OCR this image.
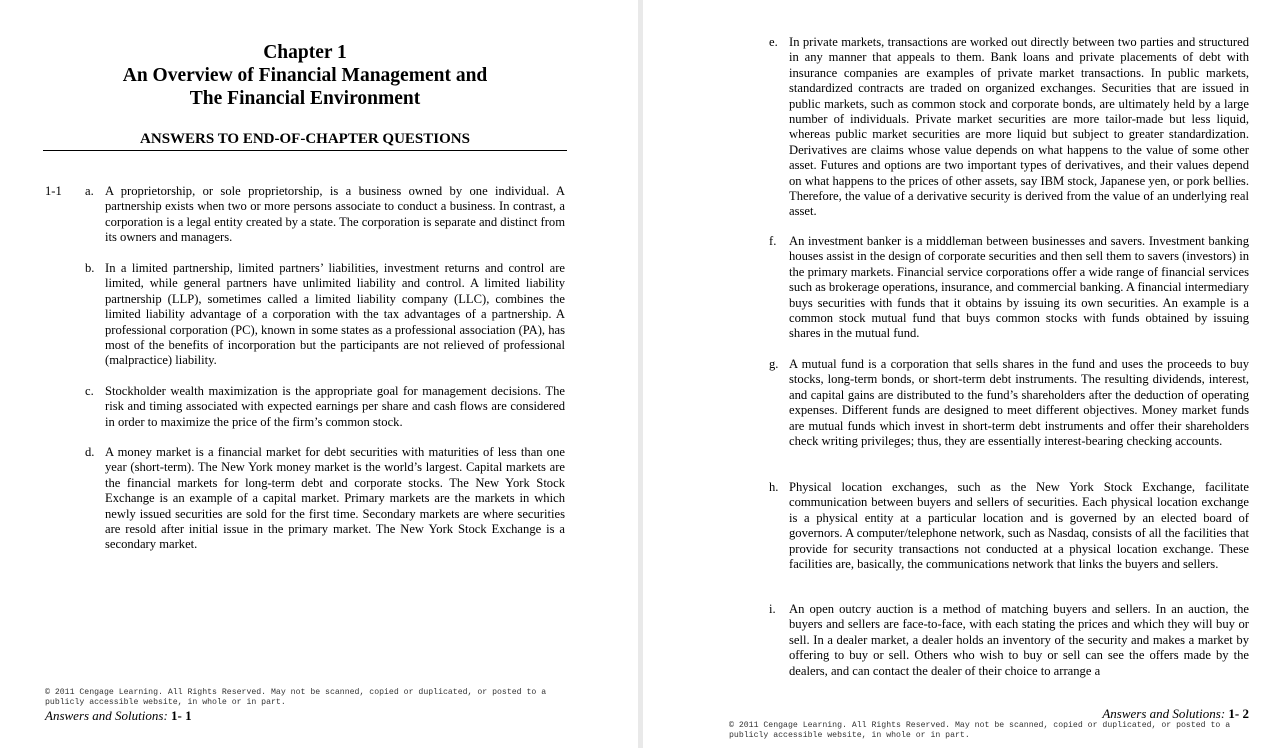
Chapter 1
An Overview of Financial Management and
The Financial Environment
ANSWERS TO END-OF-CHAPTER QUESTIONS
1-1 a. A proprietorship, or sole proprietorship, is a business owned by one individual. A partnership exists when two or more persons associate to conduct a business. In contrast, a corporation is a legal entity created by a state. The corporation is separate and distinct from its owners and managers.
b. In a limited partnership, limited partners’ liabilities, investment returns and control are limited, while general partners have unlimited liability and control. A limited liability partnership (LLP), sometimes called a limited liability company (LLC), combines the limited liability advantage of a corporation with the tax advantages of a partnership. A professional corporation (PC), known in some states as a professional association (PA), has most of the benefits of incorporation but the participants are not relieved of professional (malpractice) liability.
c. Stockholder wealth maximization is the appropriate goal for management decisions. The risk and timing associated with expected earnings per share and cash flows are considered in order to maximize the price of the firm’s common stock.
d. A money market is a financial market for debt securities with maturities of less than one year (short-term). The New York money market is the world’s largest. Capital markets are the financial markets for long-term debt and corporate stocks. The New York Stock Exchange is an example of a capital market. Primary markets are the markets in which newly issued securities are sold for the first time. Secondary markets are where securities are resold after initial issue in the primary market. The New York Stock Exchange is a secondary market.
© 2011 Cengage Learning. All Rights Reserved. May not be scanned, copied or duplicated, or posted to a publicly accessible website, in whole or in part.
Answers and Solutions: 1- 1
e. In private markets, transactions are worked out directly between two parties and structured in any manner that appeals to them. Bank loans and private placements of debt with insurance companies are examples of private market transactions. In public markets, standardized contracts are traded on organized exchanges. Securities that are issued in public markets, such as common stock and corporate bonds, are ultimately held by a large number of individuals. Private market securities are more tailor-made but less liquid, whereas public market securities are more liquid but subject to greater standardization. Derivatives are claims whose value depends on what happens to the value of some other asset. Futures and options are two important types of derivatives, and their values depend on what happens to the prices of other assets, say IBM stock, Japanese yen, or pork bellies. Therefore, the value of a derivative security is derived from the value of an underlying real asset.
f. An investment banker is a middleman between businesses and savers. Investment banking houses assist in the design of corporate securities and then sell them to savers (investors) in the primary markets. Financial service corporations offer a wide range of financial services such as brokerage operations, insurance, and commercial banking. A financial intermediary buys securities with funds that it obtains by issuing its own securities. An example is a common stock mutual fund that buys common stocks with funds obtained by issuing shares in the mutual fund.
g. A mutual fund is a corporation that sells shares in the fund and uses the proceeds to buy stocks, long-term bonds, or short-term debt instruments. The resulting dividends, interest, and capital gains are distributed to the fund’s shareholders after the deduction of operating expenses. Different funds are designed to meet different objectives. Money market funds are mutual funds which invest in short-term debt instruments and offer their shareholders check writing privileges; thus, they are essentially interest-bearing checking accounts.
h. Physical location exchanges, such as the New York Stock Exchange, facilitate communication between buyers and sellers of securities. Each physical location exchange is a physical entity at a particular location and is governed by an elected board of governors. A computer/telephone network, such as Nasdaq, consists of all the facilities that provide for security transactions not conducted at a physical location exchange. These facilities are, basically, the communications network that links the buyers and sellers.
i. An open outcry auction is a method of matching buyers and sellers. In an auction, the buyers and sellers are face-to-face, with each stating the prices and which they will buy or sell. In a dealer market, a dealer holds an inventory of the security and makes a market by offering to buy or sell. Others who wish to buy or sell can see the offers made by the dealers, and can contact the dealer of their choice to arrange a
Answers and Solutions: 1- 2
© 2011 Cengage Learning. All Rights Reserved. May not be scanned, copied or duplicated, or posted to a publicly accessible website, in whole or in part.
